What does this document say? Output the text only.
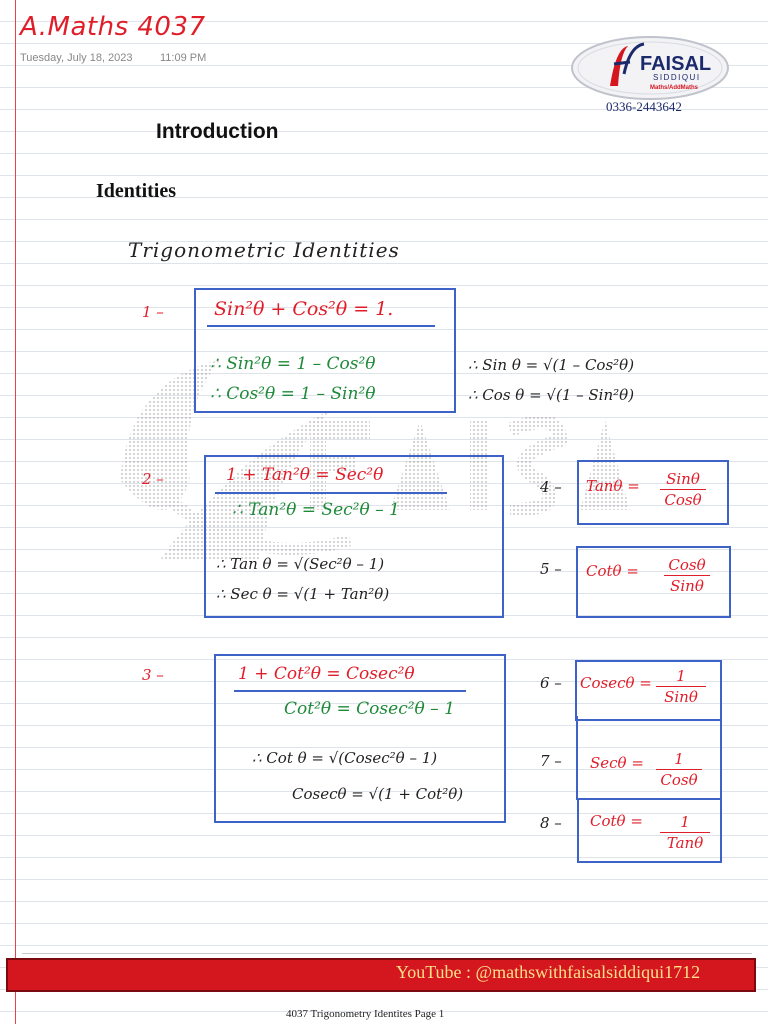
A.Maths 4037
Tuesday, July 18, 2023 11:09 PM	FAISAL
SIDDIQUI
Maths/AddMaths
0336-2443642
Introduction
Identities
Trigonometric Identities
1 –	Sin²θ + Cos²θ = 1.
∴ Sin²θ = 1 – Cos²θ
∴ Cos²θ = 1 – Sin²θ
∴ Sin θ = √(1 – Cos²θ)
∴ Cos θ = √(1 – Sin²θ)
2 –	1 + Tan²θ = Sec²θ
∴ Tan²θ = Sec²θ – 1
∴ Tan θ = √(Sec²θ – 1)
∴ Sec θ = √(1 + Tan²θ)
3 –	1 + Cot²θ = Cosec²θ
Cot²θ = Cosec²θ – 1
∴ Cot θ = √(Cosec²θ – 1)
Cosecθ = √(1 + Cot²θ)
4 – Tanθ = Sinθ
Cosθ
5 – Cotθ = Cosθ
Sinθ
6 – Cosecθ = 1
Sinθ
7 – Secθ = 1
Cosθ
8 – Cotθ = 1
Tanθ
YouTube : @mathswithfaisalsiddiqui1712
4037 Trigonometry Identites Page 1
